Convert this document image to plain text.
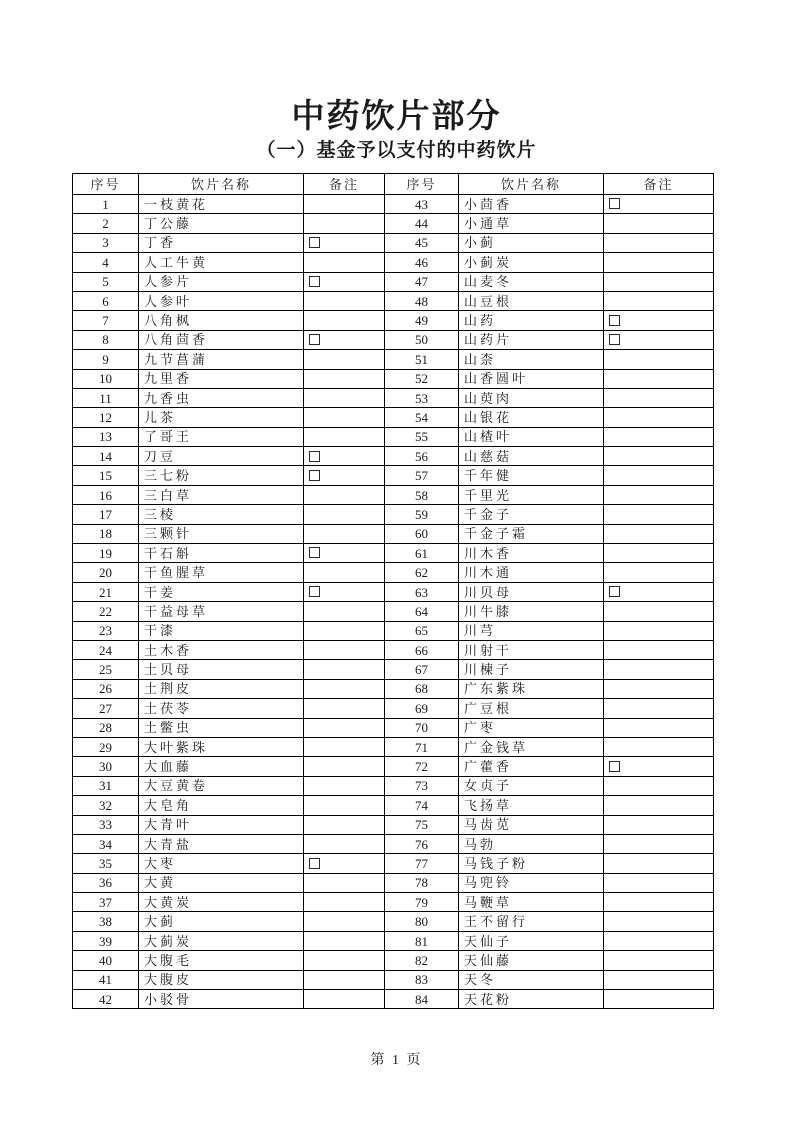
中药饮片部分
（一）基金予以支付的中药饮片
序号	饮片名称	备注	序号	饮片名称	备注
1	一枝黄花		43	小茴香	
2	丁公藤		44	小通草	
3	丁香		45	小蓟	
4	人工牛黄		46	小蓟炭	
5	人参片		47	山麦冬	
6	人参叶		48	山豆根	
7	八角枫		49	山药	
8	八角茴香		50	山药片	
9	九节菖蒲		51	山柰	
10	九里香		52	山香圆叶	
11	九香虫		53	山萸肉	
12	儿茶		54	山银花	
13	了哥王		55	山楂叶	
14	刀豆		56	山慈菇	
15	三七粉		57	千年健	
16	三白草		58	千里光	
17	三棱		59	千金子	
18	三颗针		60	千金子霜	
19	干石斛		61	川木香	
20	干鱼腥草		62	川木通	
21	干姜		63	川贝母	
22	干益母草		64	川牛膝	
23	干漆		65	川芎	
24	土木香		66	川射干	
25	土贝母		67	川楝子	
26	土荆皮		68	广东紫珠	
27	土茯苓		69	广豆根	
28	土鳖虫		70	广枣	
29	大叶紫珠		71	广金钱草	
30	大血藤		72	广藿香	
31	大豆黄卷		73	女贞子	
32	大皂角		74	飞扬草	
33	大青叶		75	马齿苋	
34	大青盐		76	马勃	
35	大枣		77	马钱子粉	
36	大黄		78	马兜铃	
37	大黄炭		79	马鞭草	
38	大蓟		80	王不留行	
39	大蓟炭		81	天仙子	
40	大腹毛		82	天仙藤	
41	大腹皮		83	天冬	
42	小驳骨		84	天花粉	
第 1 页
